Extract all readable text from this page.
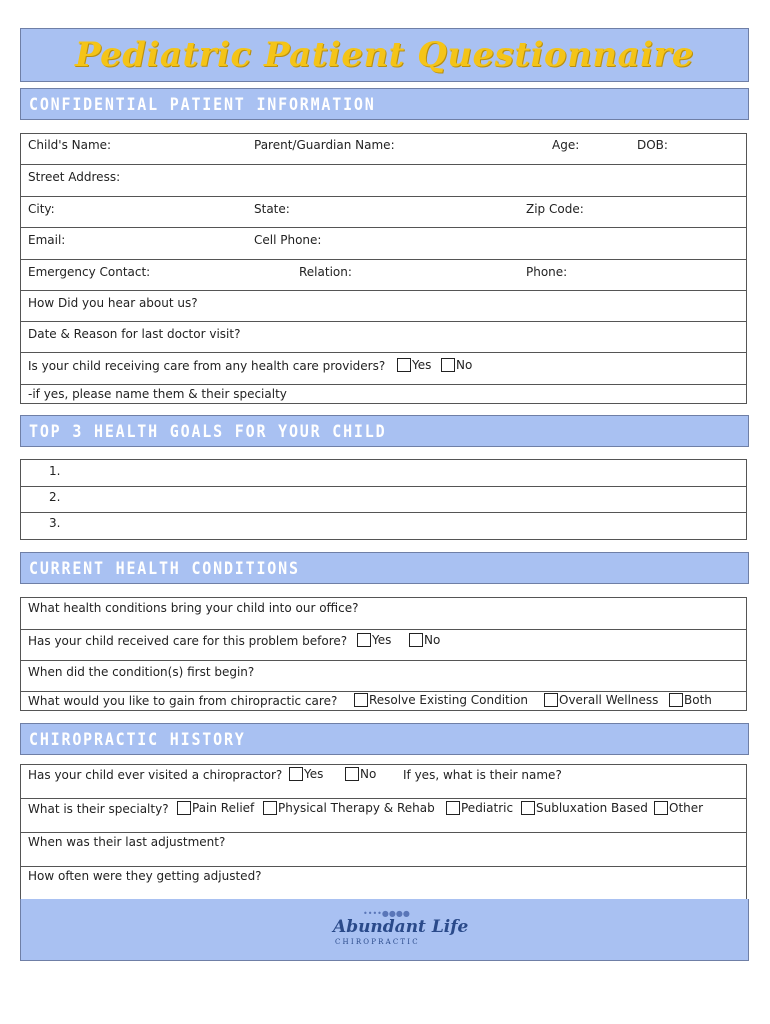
Pediatric Patient Questionnaire
CONFIDENTIAL PATIENT INFORMATION
Child's Name:	Parent/Guardian Name:	Age:	DOB:
Street Address:
City:	State:	Zip Code:
Email:	Cell Phone:
Emergency Contact:	Relation:	Phone:
How Did you hear about us?
Date & Reason for last doctor visit?
Is your child receiving care from any health care providers?	Yes	No
-if yes, please name them & their specialty
TOP 3 HEALTH GOALS FOR YOUR CHILD
1.
2.
3.
CURRENT HEALTH CONDITIONS
What health conditions bring your child into our office?
Has your child received care for this problem before?	Yes	No
When did the condition(s) first begin?
What would you like to gain from chiropractic care?	Resolve Existing Condition	Overall Wellness	Both
CHIROPRACTIC HISTORY
Has your child ever visited a chiropractor?	Yes	No If yes, what is their name?
What is their specialty?	Pain Relief	Physical Therapy & Rehab	Pediatric	Subluxation Based	Other
When was their last adjustment?
How often were they getting adjusted?
••••●●●●
Abundant Life
CHIROPRACTIC
